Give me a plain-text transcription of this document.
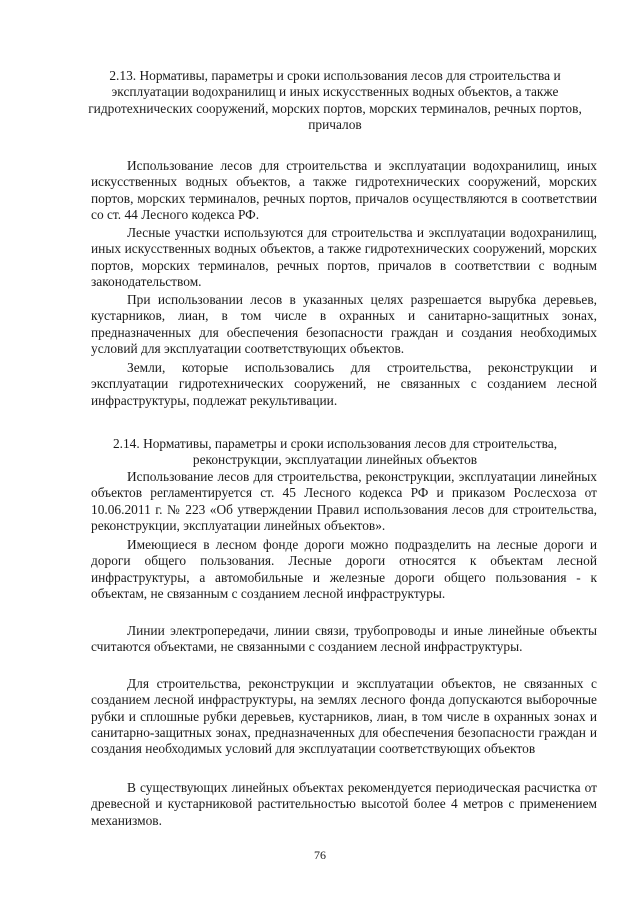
2.13. Нормативы, параметры и сроки использования лесов для строительства и эксплуатации водохранилищ и иных искусственных водных объектов, а также гидротехнических сооружений, морских портов, морских терминалов, речных портов, причалов
Использование лесов для строительства и эксплуатации водохранилищ, иных искусственных водных объектов, а также гидротехнических сооружений, морских портов, морских терминалов, речных портов, причалов осуществляются в соответствии со ст. 44 Лесного кодекса РФ.
Лесные участки используются для строительства и эксплуатации водохранилищ, иных искусственных водных объектов, а также гидротехнических сооружений, морских портов, морских терминалов, речных портов, причалов в соответствии с водным законодательством.
При использовании лесов в указанных целях разрешается вырубка деревьев, кустарников, лиан, в том числе в охранных и санитарно-защитных зонах, предназначенных для обеспечения безопасности граждан и создания необходимых условий для эксплуатации соответствующих объектов.
Земли, которые использовались для строительства, реконструкции и эксплуатации гидротехнических сооружений, не связанных с созданием лесной инфраструктуры, подлежат рекультивации.
2.14. Нормативы, параметры и сроки использования лесов для строительства, реконструкции, эксплуатации линейных объектов
Использование лесов для строительства, реконструкции, эксплуатации линейных объектов регламентируется ст. 45 Лесного кодекса РФ и приказом Рослесхоза от 10.06.2011 г. № 223 «Об утверждении Правил использования лесов для строительства, реконструкции, эксплуатации линейных объектов».
Имеющиеся в лесном фонде дороги можно подразделить на лесные дороги и дороги общего пользования. Лесные дороги относятся к объектам лесной инфраструктуры, а автомобильные и железные дороги общего пользования - к объектам, не связанным с созданием лесной инфраструктуры.
Линии электропередачи, линии связи, трубопроводы и иные линейные объекты считаются объектами, не связанными с созданием лесной инфраструктуры.
Для строительства, реконструкции и эксплуатации объектов, не связанных с созданием лесной инфраструктуры, на землях лесного фонда допускаются выборочные рубки и сплошные рубки деревьев, кустарников, лиан, в том числе в охранных зонах и санитарно-защитных зонах, предназначенных для обеспечения безопасности граждан и создания необходимых условий для эксплуатации соответствующих объектов
В существующих линейных объектах рекомендуется периодическая расчистка от древесной и кустарниковой растительностью высотой более 4 метров с применением механизмов.
76
